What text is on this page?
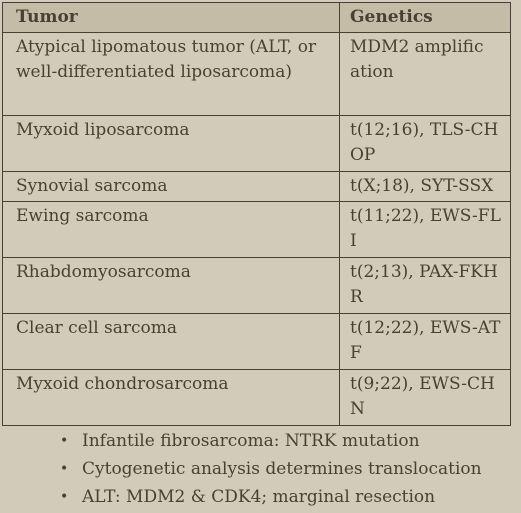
Tumor	Genetics
Atypical lipomatous tumor (ALT, or well-differentiated liposarcoma)	MDM2 amplification
Myxoid liposarcoma	t(12;16), TLS-CHOP
Synovial sarcoma	t(X;18), SYT-SSX
Ewing sarcoma	t(11;22), EWS-FLI
Rhabdomyosarcoma	t(2;13), PAX-FKHR
Clear cell sarcoma	t(12;22), EWS-ATF
Myxoid chondrosarcoma	t(9;22), EWS-CHN
• Infantile fibrosarcoma: NTRK mutation
• Cytogenetic analysis determines translocation
• ALT: MDM2 & CDK4; marginal resection
